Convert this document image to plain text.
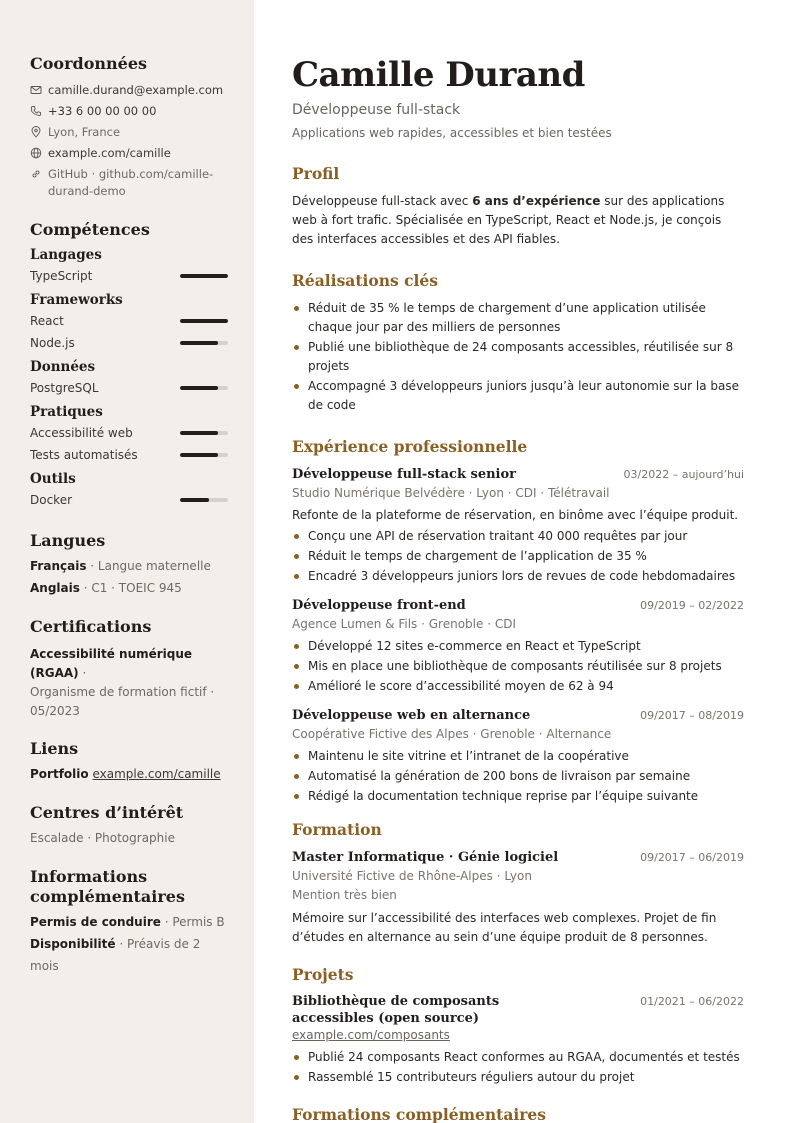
Coordonnées
camille.durand@example.com
+33 6 00 00 00 00
Lyon, France
example.com/camille
GitHub · github.com/camille-
durand-demo
Compétences
Langages
TypeScript
Frameworks
React
Node.js
Données
PostgreSQL
Pratiques
Accessibilité web
Tests automatisés
Outils
Docker
Langues
Français · Langue maternelle
Anglais · C1 · TOEIC 945
Certifications
Accessibilité numérique (RGAA) ·
Organisme de formation fictif ·
05/2023
Liens
Portfolio example.com/camille
Centres d’intérêt
Escalade · Photographie
Informations
complémentaires
Permis de conduire · Permis B
Disponibilité · Préavis de 2 mois
Camille Durand
Développeuse full-stack
Applications web rapides, accessibles et bien testées
Profil

Développeuse full-stack avec 6 ans d’expérience sur des applications web à fort trafic. Spécialisée en TypeScript, React et Node.js, je conçois des interfaces accessibles et des API fiables.

Réalisations clés
Réduit de 35 % le temps de chargement d’une application utilisée chaque jour par des milliers de personnes
Publié une bibliothèque de 24 composants accessibles, réutilisée sur 8 projets
Accompagné 3 développeurs juniors jusqu’à leur autonomie sur la base de code
Expérience professionnelle
Développeuse full-stack senior	03/2022 – aujourd’hui
Studio Numérique Belvédère · Lyon · CDI · Télétravail
Refonte de la plateforme de réservation, en binôme avec l’équipe produit.
Conçu une API de réservation traitant 40 000 requêtes par jour
Réduit le temps de chargement de l’application de 35 %
Encadré 3 développeurs juniors lors de revues de code hebdomadaires
Développeuse front-end	09/2019 – 02/2022
Agence Lumen & Fils · Grenoble · CDI
Développé 12 sites e-commerce en React et TypeScript
Mis en place une bibliothèque de composants réutilisée sur 8 projets
Amélioré le score d’accessibilité moyen de 62 à 94
Développeuse web en alternance	09/2017 – 08/2019
Coopérative Fictive des Alpes · Grenoble · Alternance
Maintenu le site vitrine et l’intranet de la coopérative
Automatisé la génération de 200 bons de livraison par semaine
Rédigé la documentation technique reprise par l’équipe suivante
Formation
Master Informatique · Génie logiciel	09/2017 – 06/2019
Université Fictive de Rhône-Alpes · Lyon
Mention très bien

Mémoire sur l’accessibilité des interfaces web complexes. Projet de fin d’études en alternance au sein d’une équipe produit de 8 personnes.

Projets
Bibliothèque de composants
accessibles (open source)
01/2021 – 06/2022
example.com/composants
Publié 24 composants React conformes au RGAA, documentés et testés
Rassemblé 15 contributeurs réguliers autour du projet
Formations complémentaires
